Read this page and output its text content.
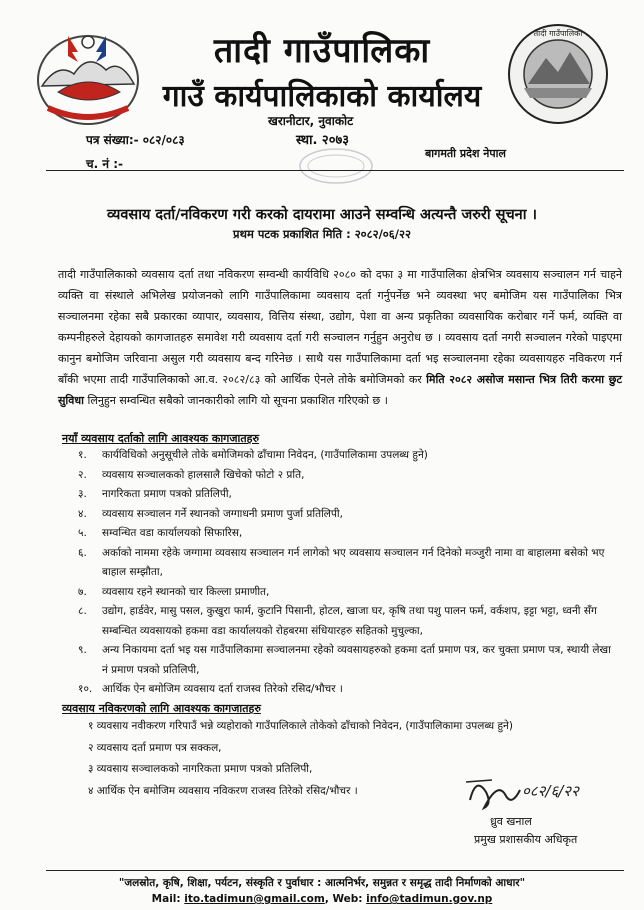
तादी गाउँपालिका
तादी गाउँपालिका
गाउँ कार्यपालिकाको कार्यालय
खरानीटार, नुवाकोट
स्था. २०७३
पत्र संख्या:- ०८२/०८३
च. नं :-
बागमती प्रदेश नेपाल
व्यवसाय दर्ता/नविकरण गरी करको दायरामा आउने सम्वन्धि अत्यन्तै जरुरी सूचना ।
प्रथम पटक प्रकाशित मिति : २०८२/०६/२२
तादी गाउँपालिकाको व्यवसाय दर्ता तथा नविकरण सम्वन्धी कार्यविधि २०८० को दफा ३ मा गाउँपालिका क्षेत्रभित्र व्यवसाय सञ्चालन गर्न चाहने व्यक्ति वा संस्थाले अभिलेख प्रयोजनको लागि गाउँपालिकामा व्यवसाय दर्ता गर्नुपर्नेछ भने व्यवस्था भए बमोजिम यस गाउँपालिका भित्र सञ्चालनमा रहेका सबै प्रकारका व्यापार, व्यवसाय, वित्तिय संस्था, उद्योग, पेशा वा अन्य प्रकृतिका व्यवसायिक करोबार गर्ने फर्म, व्यक्ति वा कम्पनीहरुले देहायको कागजातहरु समावेश गरी व्यवसाय दर्ता गरी सञ्चालन गर्नुहुन अनुरोध छ । व्यवसाय दर्ता नगरी सञ्चालन गरेको पाइएमा कानुन बमोजिम जरिवाना असुल गरी व्यवसाय बन्द गरिनेछ । साथै यस गाउँपालिकामा दर्ता भइ सञ्चालनमा रहेका व्यवसायहरु नविकरण गर्न बाँकी भएमा तादी गाउँपालिकाको आ.व. २०८२/८३ को आर्थिक ऐनले तोके बमोजिमको कर मिति २०८२ असोज मसान्त भित्र तिरी करमा छुट सुविधा लिनुहुन सम्वन्धित सबैको जानकारीको लागि यो सूचना प्रकाशित गरिएको छ ।
नयाँ व्यवसाय दर्ताको लागि आवश्यक कागजातहरु
१.	कार्यविधिको अनुसूचीले तोके बमोजिमको ढाँचामा निवेदन, (गाउँपालिकामा उपलब्ध हुने)
२.	व्यवसाय सञ्चालकको हालसालै खिचेको फोटो २ प्रति,
३.	नागरिकता प्रमाण पत्रको प्रतिलिपी,
४.	व्यवसाय सञ्चालन गर्ने स्थानको जग्गाधनी प्रमाण पुर्जा प्रतिलिपी,
५.	सम्वन्धित वडा कार्यालयको सिफारिस,
६.	अर्काको नाममा रहेके जग्गामा व्यवसाय सञ्चालन गर्न लागेको भए व्यवसाय सञ्चालन गर्न दिनेको मञ्जुरी नामा वा बाहालमा बसेको भए बाहाल सम्झौता,
७.	व्यवसाय रहने स्थानको चार किल्ला प्रमाणीत,
८.	उद्योग, हार्डवेर, मासु पसल, कुखुरा फार्म, कुटानि पिसानी, होटल, खाजा घर, कृषि तथा पशु पालन फर्म, वर्कशप, इट्टा भट्टा, ध्वनी सँग सम्बन्धित व्यवसायको हकमा वडा कार्यालयको रोहबरमा संधियारहरु सहितको मुचुल्का,
९.	अन्य निकायमा दर्ता भइ यस गाउँपालिकामा सञ्चालनमा रहेको व्यवसायहरुको हकमा दर्ता प्रमाण पत्र, कर चुक्ता प्रमाण पत्र, स्थायी लेखा नं प्रमाण पत्रको प्रतिलिपी,
१०. आर्थिक ऐन बमोजिम व्यवसाय दर्ता राजस्व तिरेको रसिद/भौचर ।
व्यवसाय नविकरणको लागि आवश्यक कागजातहरु
१ व्यवसाय नवीकरण गरिपाउँ भन्ने व्यहोराको गाउँपालिकाले तोकेको ढाँचाको निवेदन, (गाउँपालिकामा उपलब्ध हुने)
२ व्यवसाय दर्ता प्रमाण पत्र सक्कल,
३ व्यवसाय सञ्चालकको नागरिकता प्रमाण पत्रको प्रतिलिपी,
४ आर्थिक ऐन बमोजिम व्यवसाय नविकरण राजस्व तिरेको रसिद/भौचर ।	०८२/६/२२
ध्रुव खनाल
प्रमुख प्रशासकीय अधिकृत
"जलस्रोत, कृषि, शिक्षा, पर्यटन, संस्कृति र पुर्वाधार : आत्मनिर्भर, समुन्नत र समृद्ध तादी निर्माणको आधार"
Mail: ito.tadimun@gmail.com, Web: info@tadimun.gov.np
